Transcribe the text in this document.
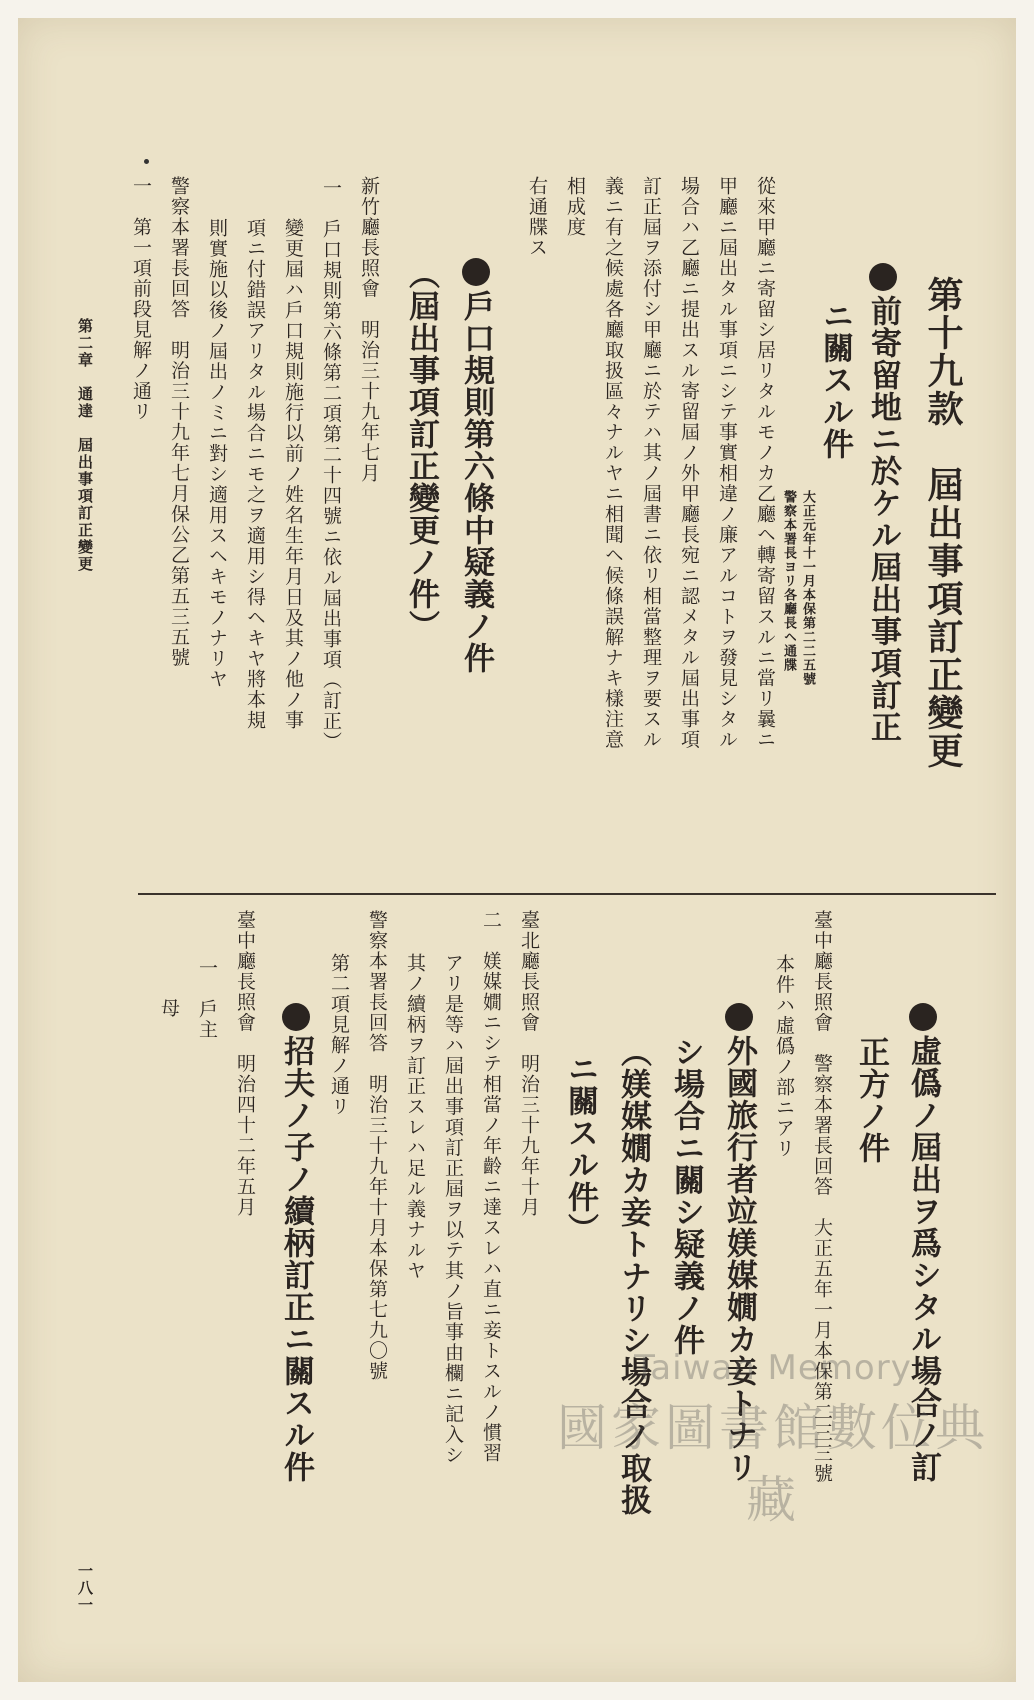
第十九款　屆出事項訂正變更
前寄留地ニ於ケル屆出事項訂正
ニ關スル件
大正元年十一月本保第二二五號
警察本署長ヨリ各廳長ヘ通牒
從來甲廳ニ寄留シ居リタルモノカ乙廳ヘ轉寄留スルニ當リ曩ニ
甲廳ニ屆出タル事項ニシテ事實相違ノ廉アルコトヲ發見シタル
場合ハ乙廳ニ提出スル寄留屆ノ外甲廳長宛ニ認メタル屆出事項
訂正屆ヲ添付シ甲廳ニ於テハ其ノ屆書ニ依リ相當整理ヲ要スル
義ニ有之候處各廳取扱區々ナルヤニ相聞ヘ候條誤解ナキ樣注意
相成度
右通牒ス
戶口規則第六條中疑義ノ件
（屆出事項訂正變更ノ件）
新竹廳長照會　明治三十九年七月
一　戶口規則第六條第二項第二十四號ニ依ル屆出事項（訂正）
變更屆ハ戶口規則施行以前ノ姓名生年月日及其ノ他ノ事
項ニ付錯誤アリタル場合ニモ之ヲ適用シ得ヘキヤ將本規
則實施以後ノ屆出ノミニ對シ適用スヘキモノナリヤ
警察本署長回答　明治三十九年七月保公乙第五三五號
一　第一項前段見解ノ通リ
第二章　通達　屆出事項訂正變更
一八一
虛僞ノ屆出ヲ爲シタル場合ノ訂
正方ノ件
臺中廳長照會　警察本署長回答　大正五年一月本保第二三三號
本件ハ虛僞ノ部ニアリ
外國旅行者竝媄媒嫺カ妾トナリ
シ場合ニ關シ疑義ノ件
（媄媒嫺カ妾トナリシ場合ノ取扱
ニ關スル件）
臺北廳長照會　明治三十九年十月
二　媄媒嫺ニシテ相當ノ年齡ニ達スレハ直ニ妾トスルノ慣習
アリ是等ハ屆出事項訂正屆ヲ以テ其ノ旨事由欄ニ記入シ
其ノ續柄ヲ訂正スレハ足ル義ナルヤ
警察本署長回答　明治三十九年十月本保第七九〇號
第二項見解ノ通リ
招夫ノ子ノ續柄訂正ニ關スル件
臺中廳長照會　明治四十二年五月
一　戶主
母
Taiwan Memory
國家圖書館數位典藏
